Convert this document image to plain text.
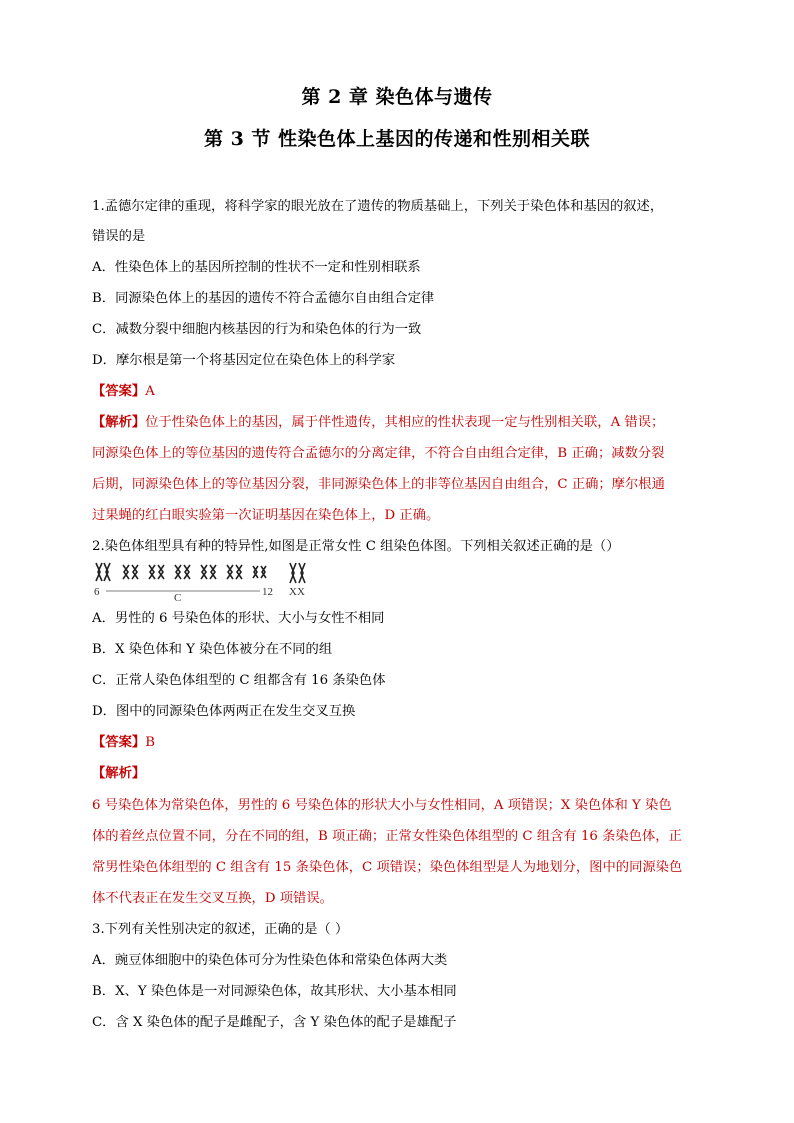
第 2 章 染色体与遗传
第 3 节 性染色体上基因的传递和性别相关联
1.孟德尔定律的重现，将科学家的眼光放在了遗传的物质基础上，下列关于染色体和基因的叙述，
错误的是
A．性染色体上的基因所控制的性状不一定和性别相联系
B．同源染色体上的基因的遗传不符合孟德尔自由组合定律
C．减数分裂中细胞内核基因的行为和染色体的行为一致
D．摩尔根是第一个将基因定位在染色体上的科学家
【答案】A
【解析】位于性染色体上的基因，属于伴性遗传，其相应的性状表现一定与性别相关联，A 错误；
同源染色体上的等位基因的遗传符合孟德尔的分离定律，不符合自由组合定律，B 正确；减数分裂
后期，同源染色体上的等位基因分裂，非同源染色体上的非等位基因自由组合，C 正确；摩尔根通
过果蝇的红白眼实验第一次证明基因在染色体上，D 正确。
2.染色体组型具有种的特异性,如图是正常女性 C 组染色体图。下列相关叙述正确的是（）
6	C	12 XX
A．男性的 6 号染色体的形状、大小与女性不相同
B．X 染色体和 Y 染色体被分在不同的组
C．正常人染色体组型的 C 组都含有 16 条染色体
D．图中的同源染色体两两正在发生交叉互换
【答案】B
【解析】
6 号染色体为常染色体，男性的 6 号染色体的形状大小与女性相同，A 项错误；X 染色体和 Y 染色
体的着丝点位置不同，分在不同的组，B 项正确；正常女性染色体组型的 C 组含有 16 条染色体，正
常男性染色体组型的 C 组含有 15 条染色体，C 项错误；染色体组型是人为地划分，图中的同源染色
体不代表正在发生交叉互换，D 项错误。
3.下列有关性别决定的叙述，正确的是（ ）
A．豌豆体细胞中的染色体可分为性染色体和常染色体两大类
B．X、Y 染色体是一对同源染色体，故其形状、大小基本相同
C．含 X 染色体的配子是雌配子，含 Y 染色体的配子是雄配子
